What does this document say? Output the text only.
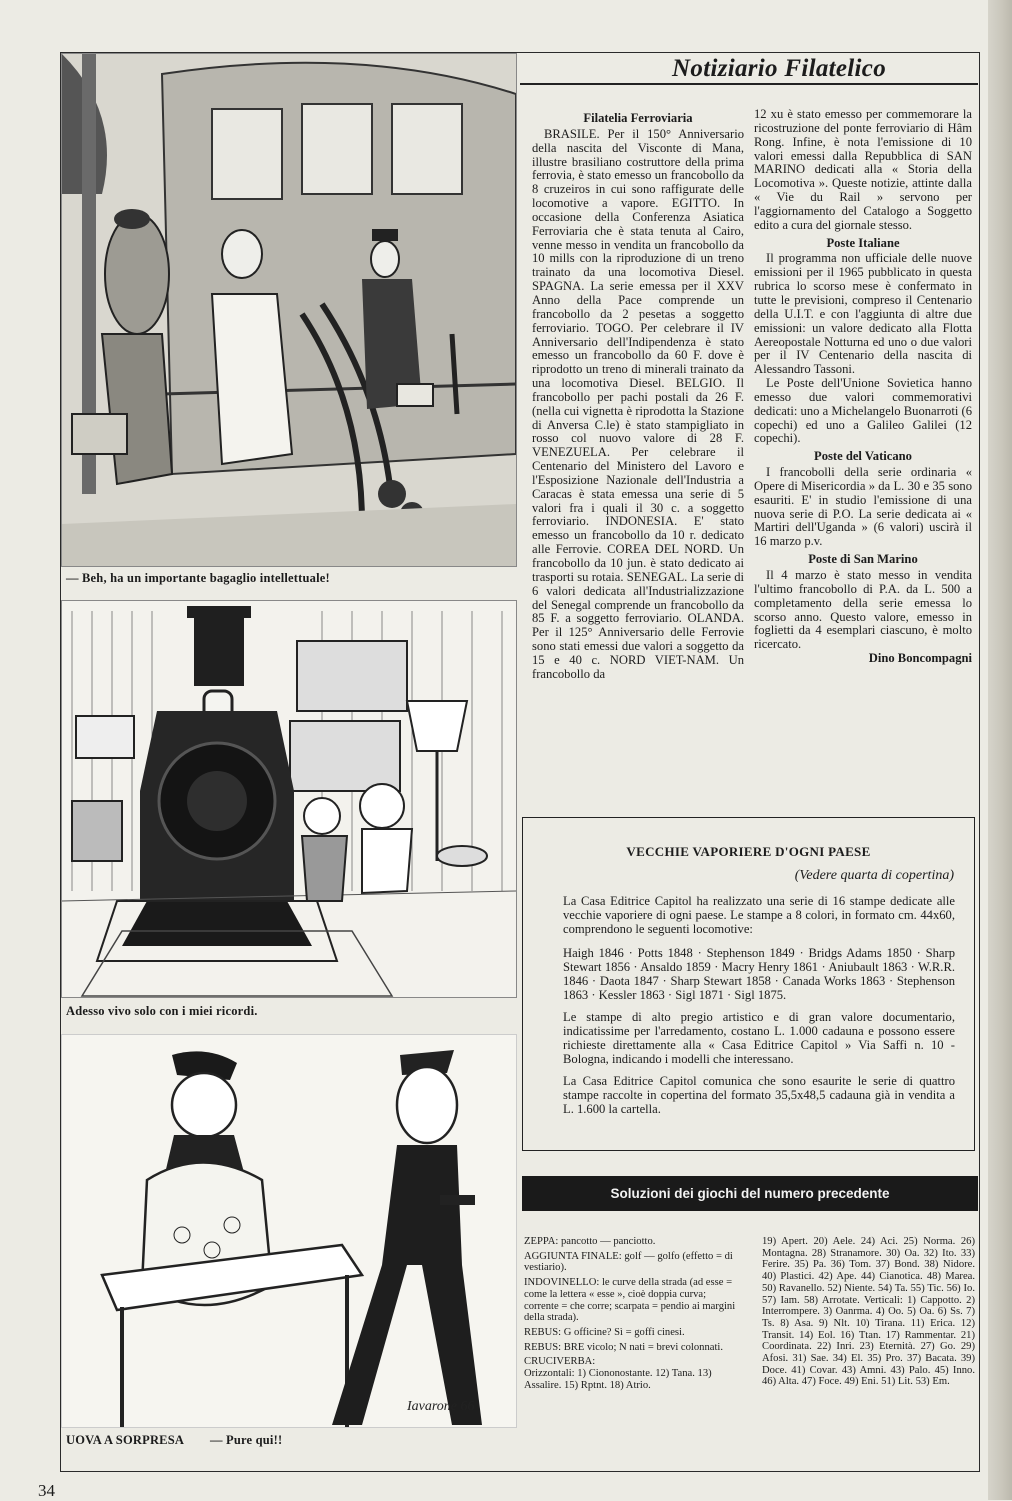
— Beh, ha un importante bagaglio intellettuale!
Adesso vivo solo con i miei ricordi.
Iavarone 66
UOVA A SORPRESA — Pure qui!!
Notiziario Filatelico

Filatelia Ferroviaria

BRASILE. Per il 150° Anniversario della nascita del Visconte di Mana, illustre brasiliano costruttore della prima ferrovia, è stato emesso un francobollo da 8 cruzeiros in cui sono raffigurate delle locomotive a vapore. EGITTO. In occasione della Conferenza Asiatica Ferroviaria che è stata tenuta al Cairo, venne messo in vendita un francobollo da 10 mills con la riproduzione di un treno trainato da una locomotiva Diesel. SPAGNA. La serie emessa per il XXV Anno della Pace comprende un francobollo da 2 pesetas a soggetto ferroviario. TOGO. Per celebrare il IV Anniversario dell'Indipendenza è stato emesso un francobollo da 60 F. dove è riprodotto un treno di minerali trainato da una locomotiva Diesel. BELGIO. Il francobollo per pachi postali da 26 F. (nella cui vignetta è riprodotta la Stazione di Anversa C.le) è stato stampigliato in rosso col nuovo valore di 28 F. VENEZUELA. Per celebrare il Centenario del Ministero del Lavoro e l'Esposizione Nazionale dell'Industria a Caracas è stata emessa una serie di 5 valori fra i quali il 30 c. a soggetto ferroviario. INDONESIA. E' stato emesso un francobollo da 10 r. dedicato alle Ferrovie. COREA DEL NORD. Un francobollo da 10 jun. è stato dedicato ai trasporti su rotaia. SENEGAL. La serie di 6 valori dedicata all'Industrializzazione del Senegal comprende un francobollo da 85 F. a soggetto ferroviario. OLANDA. Per il 125° Anniversario delle Ferrovie sono stati emessi due valori a soggetto da 15 e 40 c. NORD VIET-NAM. Un francobollo da

12 xu è stato emesso per commemorare la ricostruzione del ponte ferroviario di Hâm Rong. Infine, è nota l'emissione di 10 valori emessi dalla Repubblica di SAN MARINO dedicati alla « Storia della Locomotiva ». Queste notizie, attinte dalla « Vie du Rail » servono per l'aggiornamento del Catalogo a Soggetto edito a cura del giornale stesso.

Poste Italiane

Il programma non ufficiale delle nuove emissioni per il 1965 pubblicato in questa rubrica lo scorso mese è confermato in tutte le previsioni, compreso il Centenario della U.I.T. e con l'aggiunta di altre due emissioni: un valore dedicato alla Flotta Aereopostale Notturna ed uno o due valori per il IV Centenario della nascita di Alessandro Tassoni.

Le Poste dell'Unione Sovietica hanno emesso due valori commemorativi dedicati: uno a Michelangelo Buonarroti (6 copechi) ed uno a Galileo Galilei (12 copechi).

Poste del Vaticano

I francobolli della serie ordinaria « Opere di Misericordia » da L. 30 e 35 sono esauriti. E' in studio l'emissione di una nuova serie di P.O. La serie dedicata ai « Martiri dell'Uganda » (6 valori) uscirà il 16 marzo p.v.

Poste di San Marino

Il 4 marzo è stato messo in vendita l'ultimo francobollo di P.A. da L. 500 a completamento della serie emessa lo scorso anno. Questo valore, emesso in foglietti da 4 esemplari ciascuno, è molto ricercato.

Dino Boncompagni

VECCHIE VAPORIERE D'OGNI PAESE
(Vedere quarta di copertina)

La Casa Editrice Capitol ha realizzato una serie di 16 stampe dedicate alle vecchie vaporiere di ogni paese. Le stampe a 8 colori, in formato cm. 44x60, comprendono le seguenti locomotive:

Haigh 1846 · Potts 1848 · Stephenson 1849 · Bridgs Adams 1850 · Sharp Stewart 1856 · Ansaldo 1859 · Macry Henry 1861 · Aniubault 1863 · W.R.R. 1846 · Daota 1847 · Sharp Stewart 1858 · Canada Works 1863 · Stephenson 1863 · Kessler 1863 · Sigl 1871 · Sigl 1875.

Le stampe di alto pregio artistico e di gran valore documentario, indicatissime per l'arredamento, costano L. 1.000 cadauna e possono essere richieste direttamente alla « Casa Editrice Capitol » Via Saffi n. 10 - Bologna, indicando i modelli che interessano.

La Casa Editrice Capitol comunica che sono esaurite le serie di quattro stampe raccolte in copertina del formato 35,5x48,5 cadauna già in vendita a L. 1.600 la cartella.

Soluzioni dei giochi del numero precedente

ZEPPA: pancotto — panciotto.

AGGIUNTA FINALE: golf — golfo (effetto = di vestiario).

INDOVINELLO: le curve della strada (ad esse = come la lettera « esse », cioè doppia curva; corrente = che corre; scarpata = pendio ai margini della strada).

REBUS: G officine? Sì = goffi cinesi.

REBUS: BRE vicolo; N nati = brevi colonnati.

CRUCIVERBA:

Orizzontali: 1) Ciononostante. 12) Tana. 13) Assalire. 15) Rptnt. 18) Atrio.

19) Apert. 20) Aele. 24) Aci. 25) Norma. 26) Montagna. 28) Stranamore. 30) Oa. 32) Ito. 33) Ferire. 35) Pa. 36) Tom. 37) Bond. 38) Nidore. 40) Plastici. 42) Ape. 44) Cianotica. 48) Marea. 50) Ravanello. 52) Niente. 54) Ta. 55) Tic. 56) Io. 57) Iam. 58) Arrotate. Verticali: 1) Cappotto. 2) Interrompere. 3) Oanrma. 4) Oo. 5) Oa. 6) Ss. 7) Ts. 8) Asa. 9) Nlt. 10) Tirana. 11) Erica. 12) Transit. 14) Eol. 16) Ttan. 17) Rammentar. 21) Coordinata. 22) Inri. 23) Eternità. 27) Go. 29) Afosi. 31) Sae. 34) El. 35) Pro. 37) Bacata. 39) Doce. 41) Covar. 43) Amni. 43) Palo. 45) Inno. 46) Alta. 47) Foce. 49) Eni. 51) Lit. 53) Em.

34
